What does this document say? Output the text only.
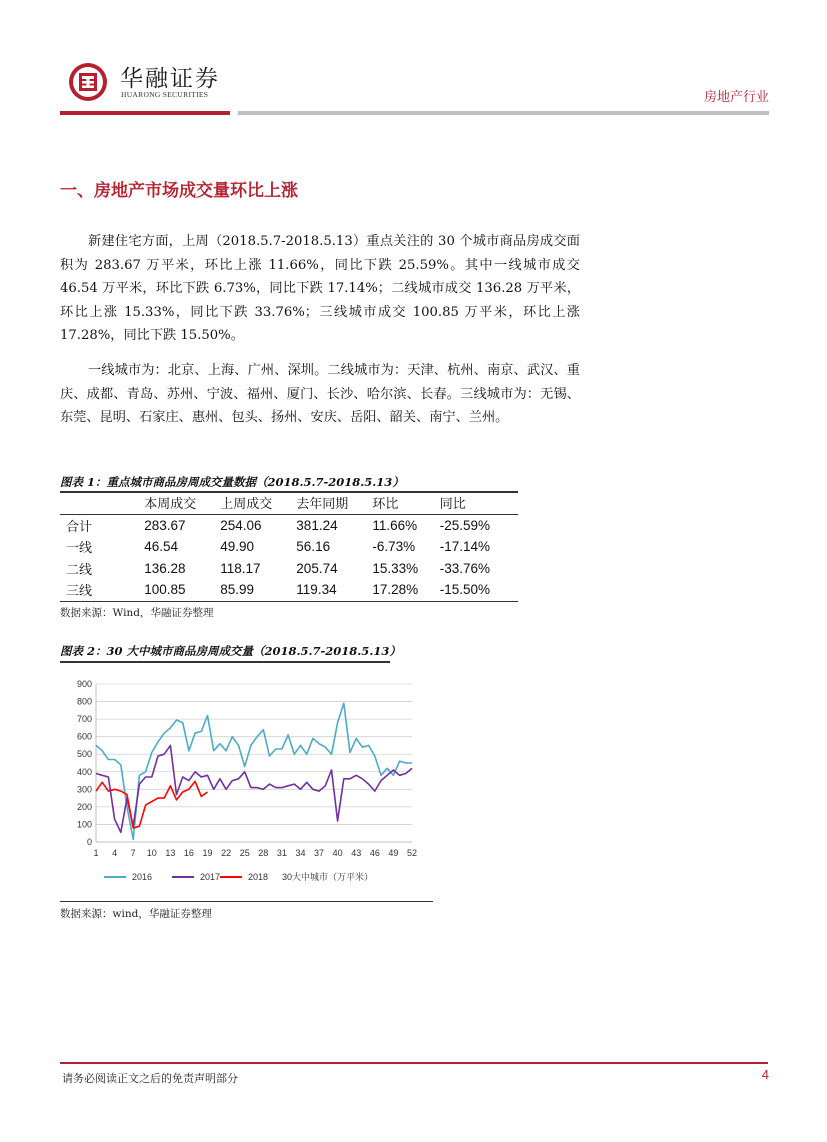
华融证券
HUARONG SECURITIES	房地产行业
一、房地产市场成交量环比上涨

新建住宅方面，上周（2018.5.7-2018.5.13）重点关注的 30 个城市商品房成交面积为 283.67 万平米，环比上涨 11.66%，同比下跌 25.59%。其中一线城市成交 46.54 万平米，环比下跌 6.73%，同比下跌 17.14%；二线城市成交 136.28 万平米，环比上涨 15.33%，同比下跌 33.76%；三线城市成交 100.85 万平米，环比上涨 17.28%，同比下跌 15.50%。

一线城市为：北京、上海、广州、深圳。二线城市为：天津、杭州、南京、武汉、重庆、成都、青岛、苏州、宁波、福州、厦门、长沙、哈尔滨、长春。三线城市为：无锡、东莞、昆明、石家庄、惠州、包头、扬州、安庆、岳阳、韶关、南宁、兰州。

图表 1：重点城市商品房周成交量数据（2018.5.7-2018.5.13）
	本周成交	上周成交	去年同期	环比	同比
合计	283.67	254.06	381.24	11.66%	-25.59%
一线	46.54	49.90	56.16	-6.73%	-17.14%
二线	136.28	118.17	205.74	15.33%	-33.76%
三线	100.85	85.99	119.34	17.28%	-15.50%
数据来源：Wind，华融证券整理
图表 2：30 大中城市商品房周成交量（2018.5.7-2018.5.13）
0
100
200
300
400
500
600
700
800
900
1 4 7 10 13 16 19 22 25 28 31 34 37 40 43 46 49 52
2016	2017	2018 30大中城市（万平米）
数据来源：wind，华融证券整理
请务必阅读正文之后的免责声明部分	4
